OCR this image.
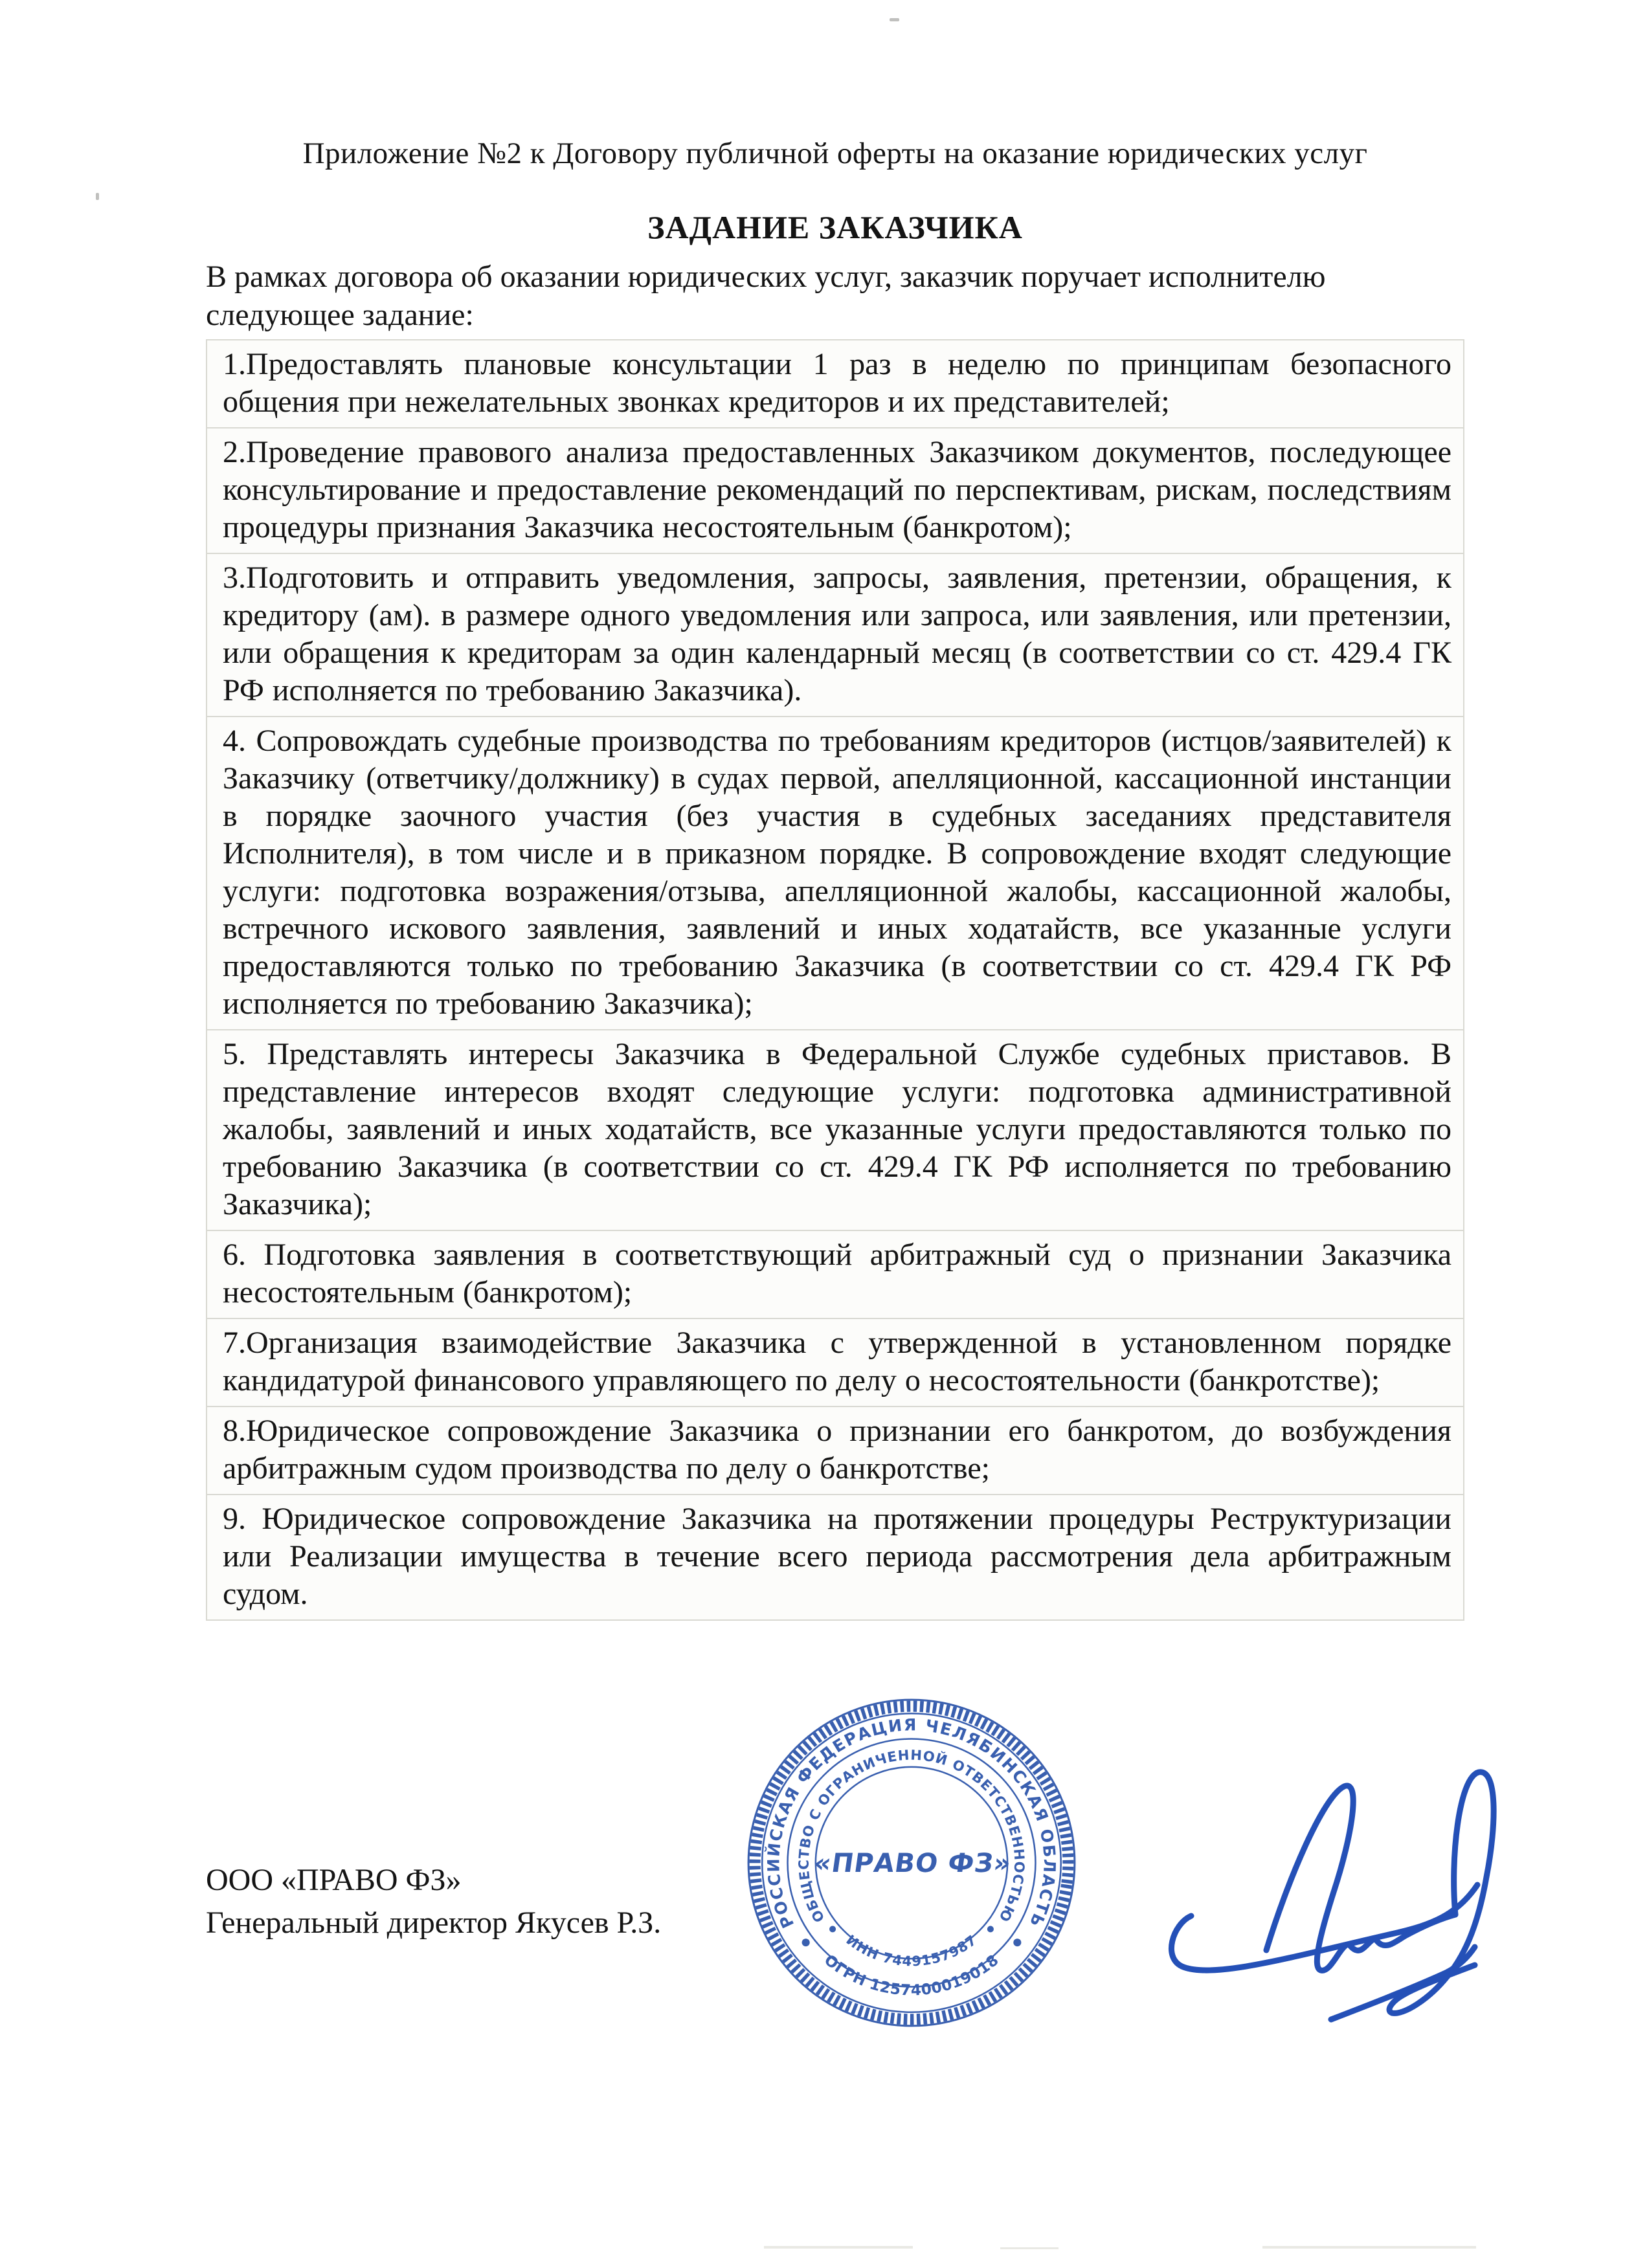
Приложение №2 к Договору публичной оферты на оказание юридических услуг
ЗАДАНИЕ ЗАКАЗЧИКА
В рамках договора об оказании юридических услуг, заказчик поручает исполнителю следующее задание:
1.Предоставлять плановые консультации 1 раз в неделю по принципам безопасного общения при нежелательных звонках кредиторов и их представителей;
2.Проведение правового анализа предоставленных Заказчиком документов, последующее консультирование и предоставление рекомендаций по перспективам, рискам, последствиям процедуры признания Заказчика несостоятельным (банкротом);
3.Подготовить и отправить уведомления, запросы, заявления, претензии, обращения, к кредитору (ам). в размере одного уведомления или запроса, или заявления, или претензии, или обращения к кредиторам за один календарный месяц (в соответствии со ст. 429.4 ГК РФ исполняется по требованию Заказчика).
4. Сопровождать судебные производства по требованиям кредиторов (истцов/заявителей) к Заказчику (ответчику/должнику) в судах первой, апелляционной, кассационной инстанции в порядке заочного участия (без участия в судебных заседаниях представителя Исполнителя), в том числе и в приказном порядке. В сопровождение входят следующие услуги: подготовка возражения/отзыва, апелляционной жалобы, кассационной жалобы, встречного искового заявления, заявлений и иных ходатайств, все указанные услуги предоставляются только по требованию Заказчика (в соответствии со ст. 429.4 ГК РФ исполняется по требованию Заказчика);
5. Представлять интересы Заказчика в Федеральной Службе судебных приставов. В представление интересов входят следующие услуги: подготовка административной жалобы, заявлений и иных ходатайств, все указанные услуги предоставляются только по требованию Заказчика (в соответствии со ст. 429.4 ГК РФ исполняется по требованию Заказчика);
6. Подготовка заявления в соответствующий арбитражный суд о признании Заказчика несостоятельным (банкротом);
7.Организация взаимодействие Заказчика с утвержденной в установленном порядке кандидатурой финансового управляющего по делу о несостоятельности (банкротстве);
8.Юридическое сопровождение Заказчика о признании его банкротом, до возбуждения арбитражным судом производства по делу о банкротстве;
9. Юридическое сопровождение Заказчика на протяжении процедуры Реструктуризации или Реализации имущества в течение всего периода рассмотрения дела арбитражным судом.
ООО «ПРАВО ФЗ»
Генеральный директор Якусев Р.З.	РОССИЙСКАЯ ФЕДЕРАЦИЯ ЧЕЛЯБИНСКАЯ ОБЛАСТЬ
ОГРН 1257400019018
ОБЩЕСТВО С ОГРАНИЧЕННОЙ ОТВЕТСТВЕННОСТЬЮ
ИНН 7449157987
«ПРАВО ФЗ»
